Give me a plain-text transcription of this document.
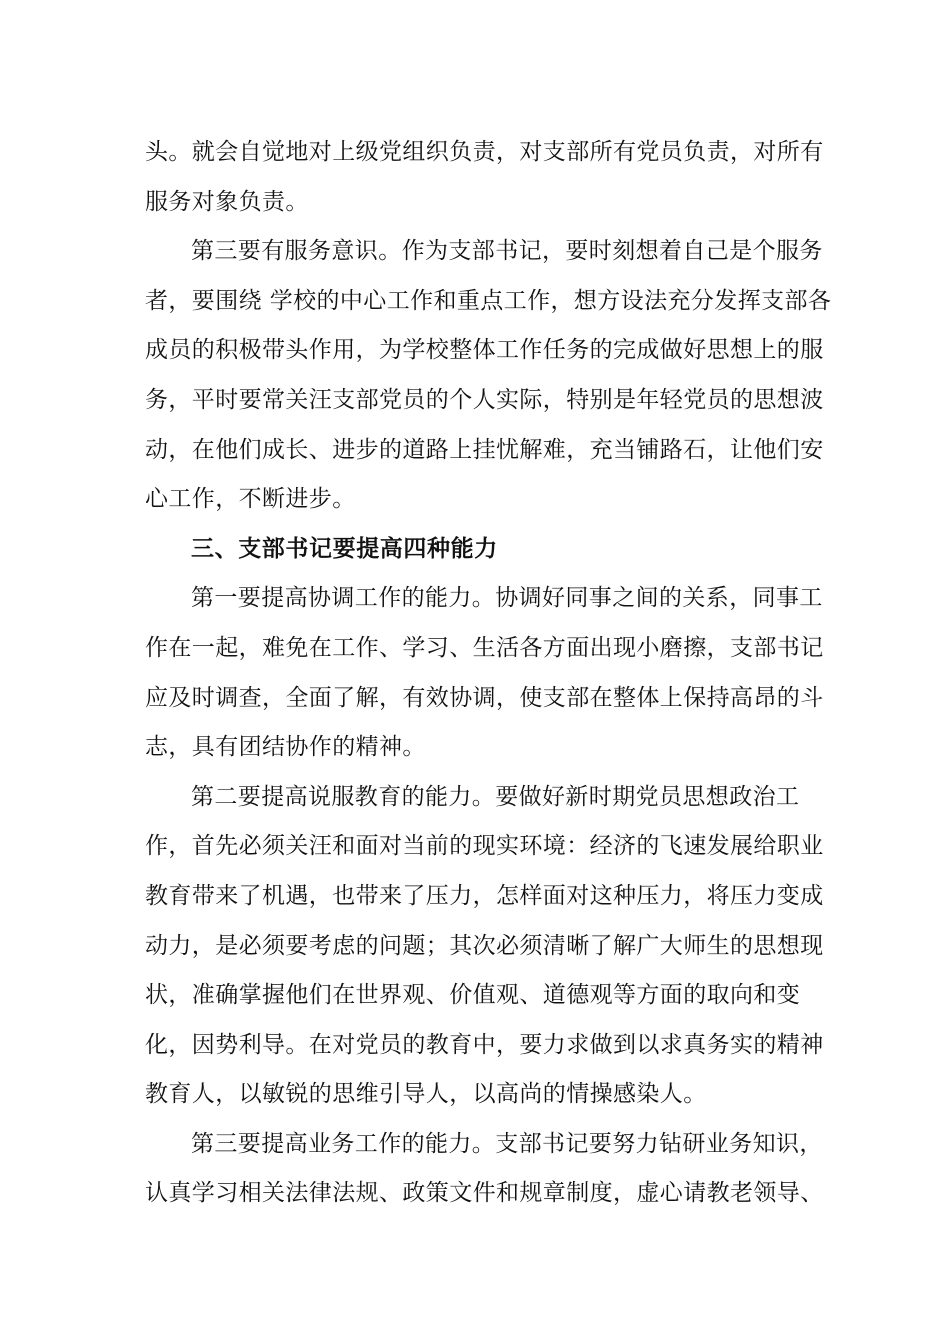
头。就会自觉地对上级党组织负责，对支部所有党员负责，对所有
服务对象负责。
第三要有服务意识。作为支部书记，要时刻想着自己是个服务
者，要围绕 学校的中心工作和重点工作，想方设法充分发挥支部各
成员的积极带头作用，为学校整体工作任务的完成做好思想上的服
务，平时要常关汪支部党员的个人实际，特别是年轻党员的思想波
动，在他们成长、进步的道路上挂忧解难，充当铺路石，让他们安
心工作，不断进步。
三、支部书记要提高四种能力
第一要提高协调工作的能力。协调好同事之间的关系，同事工
作在一起，难免在工作、学习、生活各方面出现小磨擦，支部书记
应及时调查，全面了解，有效协调，使支部在整体上保持高昂的斗
志，具有团结协作的精神。
第二要提高说服教育的能力。要做好新时期党员思想政治工
作，首先必须关汪和面对当前的现实环境：经济的飞速发展给职业
教育带来了机遇，也带来了压力，怎样面对这种压力，将压力变成
动力，是必须要考虑的问题；其次必须清晰了解广大师生的思想现
状，准确掌握他们在世界观、价值观、道德观等方面的取向和变
化，因势利导。在对党员的教育中，要力求做到以求真务实的精神
教育人，以敏锐的思维引导人，以高尚的情操感染人。
第三要提高业务工作的能力。支部书记要努力钻研业务知识，
认真学习相关法律法规、政策文件和规章制度，虚心请教老领导、
